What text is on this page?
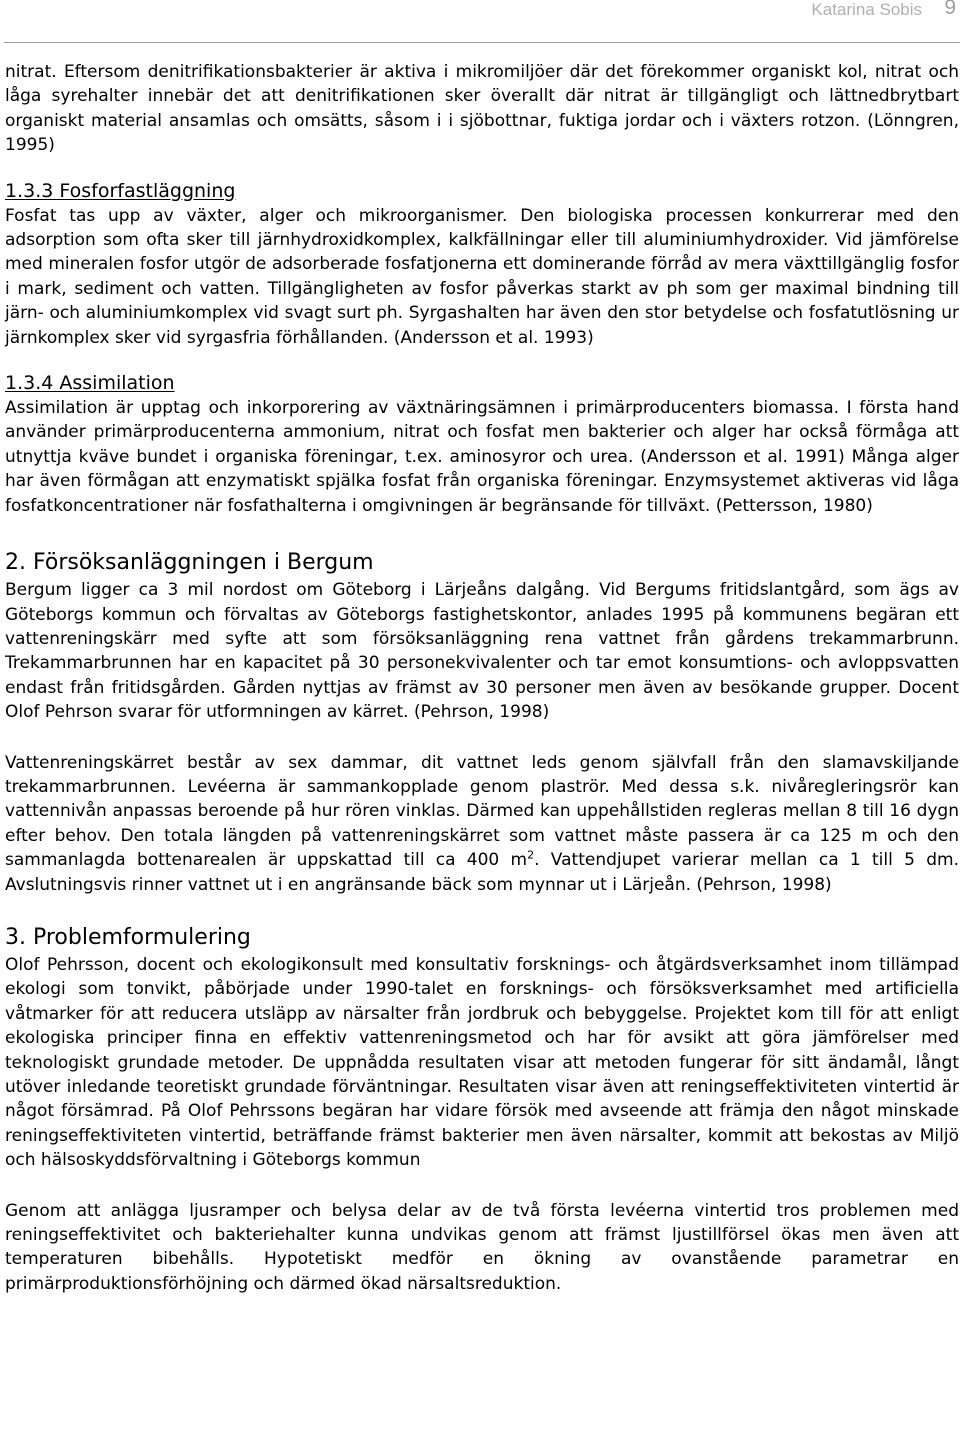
Katarina Sobis 9

nitrat. Eftersom denitrifikationsbakterier är aktiva i mikromiljöer där det förekommer organiskt kol, nitrat och låga syrehalter innebär det att denitrifikationen sker överallt där nitrat är tillgängligt och lättnedbrytbart organiskt material ansamlas och omsätts, såsom i i sjöbottnar, fuktiga jordar och i växters rotzon. (Lönngren, 1995)

1.3.3 Fosforfastläggning

Fosfat tas upp av växter, alger och mikroorganismer. Den biologiska processen konkurrerar med den adsorption som ofta sker till järnhydroxidkomplex, kalkfällningar eller till aluminiumhydroxider. Vid jämförelse med mineralen fosfor utgör de adsorberade fosfatjonerna ett dominerande förråd av mera växttillgänglig fosfor i mark, sediment och vatten. Tillgängligheten av fosfor påverkas starkt av ph som ger maximal bindning till järn- och aluminiumkomplex vid svagt surt ph. Syrgashalten har även den stor betydelse och fosfatutlösning ur järnkomplex sker vid syrgasfria förhållanden. (Andersson et al. 1993)

1.3.4 Assimilation

Assimilation är upptag och inkorporering av växtnäringsämnen i primärproducenters biomassa. I första hand använder primärproducenterna ammonium, nitrat och fosfat men bakterier och alger har också förmåga att utnyttja kväve bundet i organiska föreningar, t.ex. aminosyror och urea. (Andersson et al. 1991) Många alger har även förmågan att enzymatiskt spjälka fosfat från organiska föreningar. Enzymsystemet aktiveras vid låga fosfatkoncentrationer när fosfathalterna i omgivningen är begränsande för tillväxt. (Pettersson, 1980)

2. Försöksanläggningen i Bergum

Bergum ligger ca 3 mil nordost om Göteborg i Lärjeåns dalgång. Vid Bergums fritidslantgård, som ägs av Göteborgs kommun och förvaltas av Göteborgs fastighetskontor, anlades 1995 på kommunens begäran ett vattenreningskärr med syfte att som försöksanläggning rena vattnet från gårdens trekammarbrunn. Trekammarbrunnen har en kapacitet på 30 personekvivalenter och tar emot konsumtions- och avloppsvatten endast från fritidsgården. Gården nyttjas av främst av 30 personer men även av besökande grupper. Docent Olof Pehrson svarar för utformningen av kärret. (Pehrson, 1998)

Vattenreningskärret består av sex dammar, dit vattnet leds genom självfall från den slamavskiljande trekammarbrunnen. Levéerna är sammankopplade genom plaströr. Med dessa s.k. nivåregleringsrör kan vattennivån anpassas beroende på hur rören vinklas. Därmed kan uppehållstiden regleras mellan 8 till 16 dygn efter behov. Den totala längden på vattenreningskärret som vattnet måste passera är ca 125 m och den sammanlagda bottenarealen är uppskattad till ca 400 $m^2$. Vattendjupet varierar mellan ca 1 till 5 dm. Avslutningsvis rinner vattnet ut i en angränsande bäck som mynnar ut i Lärjeån. (Pehrson, 1998)

3. Problemformulering

Olof Pehrsson, docent och ekologikonsult med konsultativ forsknings- och åtgärdsverksamhet inom tillämpad ekologi som tonvikt, påbörjade under 1990-talet en forsknings- och försöksverksamhet med artificiella våtmarker för att reducera utsläpp av närsalter från jordbruk och bebyggelse. Projektet kom till för att enligt ekologiska principer finna en effektiv vattenreningsmetod och har för avsikt att göra jämförelser med teknologiskt grundade metoder. De uppnådda resultaten visar att metoden fungerar för sitt ändamål, långt utöver inledande teoretiskt grundade förväntningar. Resultaten visar även att reningseffektiviteten vintertid är något försämrad. På Olof Pehrssons begäran har vidare försök med avseende att främja den något minskade reningseffektiviteten vintertid, beträffande främst bakterier men även närsalter, kommit att bekostas av Miljö och hälsoskyddsförvaltning i Göteborgs kommun

Genom att anlägga ljusramper och belysa delar av de två första levéerna vintertid tros problemen med reningseffektivitet och bakteriehalter kunna undvikas genom att främst ljustillförsel ökas men även att temperaturen bibehålls. Hypotetiskt medför en ökning av ovanstående parametrar en primärproduktionsförhöjning och därmed ökad närsaltsreduktion.
